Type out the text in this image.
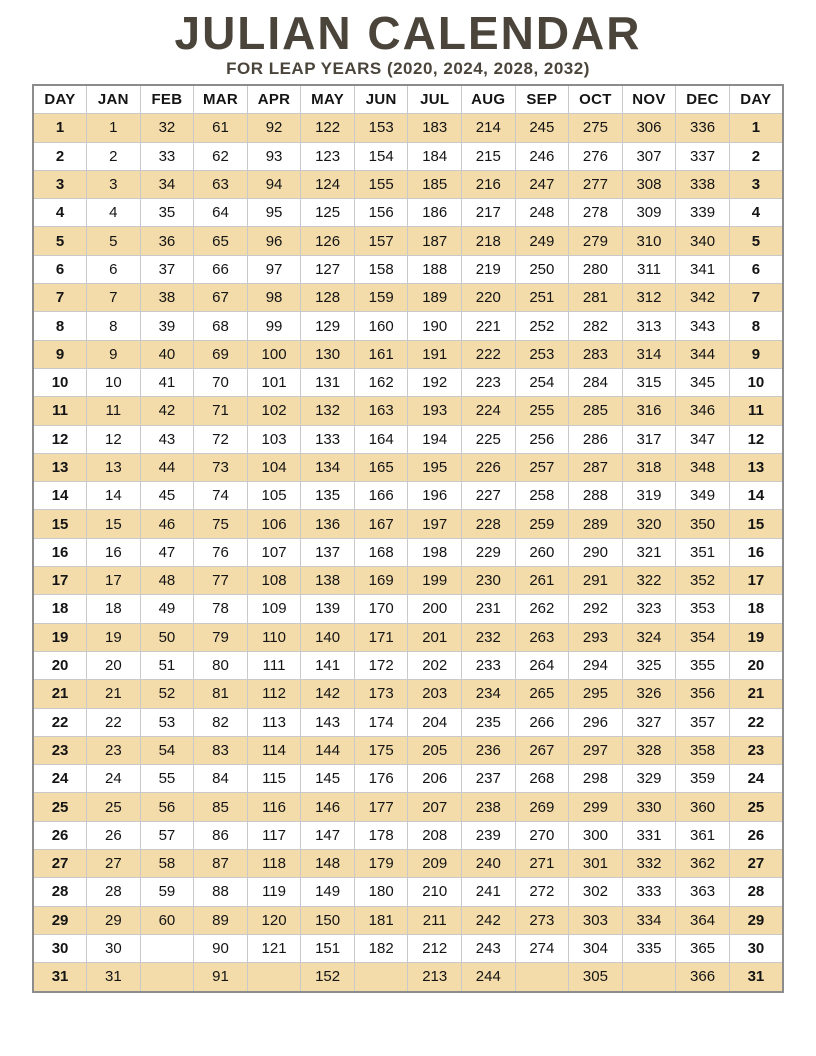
JULIAN CALENDAR
FOR LEAP YEARS (2020, 2024, 2028, 2032)
DAY	JAN	FEB	MAR	APR	MAY	JUN	JUL	AUG	SEP	OCT	NOV	DEC	DAY
1	1	32	61	92	122	153	183	214	245	275	306	336	1
2	2	33	62	93	123	154	184	215	246	276	307	337	2
3	3	34	63	94	124	155	185	216	247	277	308	338	3
4	4	35	64	95	125	156	186	217	248	278	309	339	4
5	5	36	65	96	126	157	187	218	249	279	310	340	5
6	6	37	66	97	127	158	188	219	250	280	311	341	6
7	7	38	67	98	128	159	189	220	251	281	312	342	7
8	8	39	68	99	129	160	190	221	252	282	313	343	8
9	9	40	69	100	130	161	191	222	253	283	314	344	9
10	10	41	70	101	131	162	192	223	254	284	315	345	10
11	11	42	71	102	132	163	193	224	255	285	316	346	11
12	12	43	72	103	133	164	194	225	256	286	317	347	12
13	13	44	73	104	134	165	195	226	257	287	318	348	13
14	14	45	74	105	135	166	196	227	258	288	319	349	14
15	15	46	75	106	136	167	197	228	259	289	320	350	15
16	16	47	76	107	137	168	198	229	260	290	321	351	16
17	17	48	77	108	138	169	199	230	261	291	322	352	17
18	18	49	78	109	139	170	200	231	262	292	323	353	18
19	19	50	79	110	140	171	201	232	263	293	324	354	19
20	20	51	80	111	141	172	202	233	264	294	325	355	20
21	21	52	81	112	142	173	203	234	265	295	326	356	21
22	22	53	82	113	143	174	204	235	266	296	327	357	22
23	23	54	83	114	144	175	205	236	267	297	328	358	23
24	24	55	84	115	145	176	206	237	268	298	329	359	24
25	25	56	85	116	146	177	207	238	269	299	330	360	25
26	26	57	86	117	147	178	208	239	270	300	331	361	26
27	27	58	87	118	148	179	209	240	271	301	332	362	27
28	28	59	88	119	149	180	210	241	272	302	333	363	28
29	29	60	89	120	150	181	211	242	273	303	334	364	29
30	30		90	121	151	182	212	243	274	304	335	365	30
31	31		91		152		213	244		305		366	31
